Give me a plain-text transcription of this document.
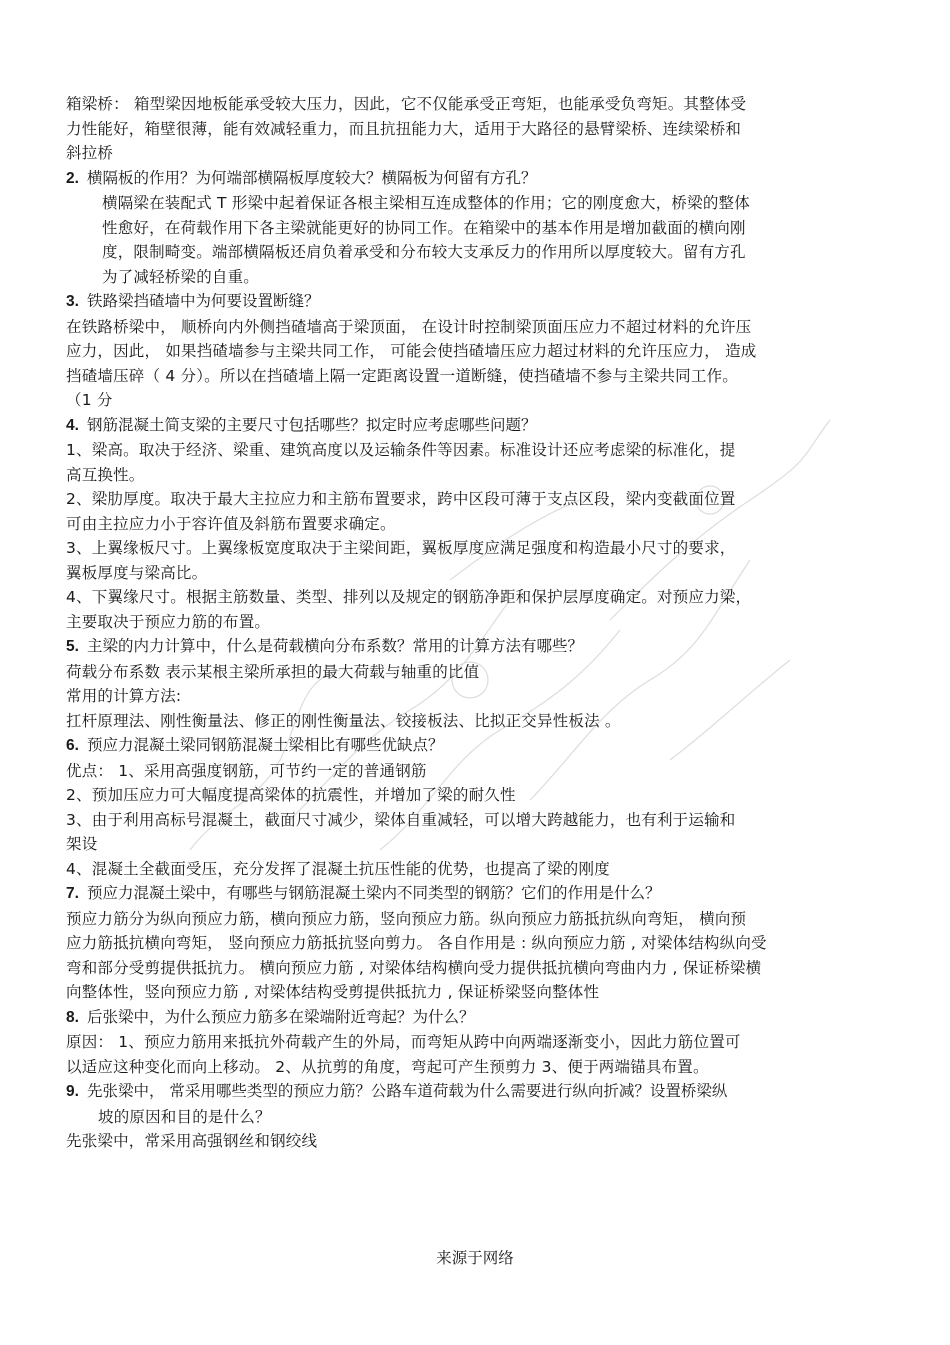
箱梁桥： 箱型梁因地板能承受较大压力，因此，它不仅能承受正弯矩，也能承受负弯矩。其整体受

力性能好，箱壁很薄，能有效减轻重力，而且抗扭能力大，适用于大路径的悬臂梁桥、连续梁桥和

斜拉桥

2. 横隔板的作用？为何端部横隔板厚度较大？横隔板为何留有方孔？

横隔梁在装配式 T 形梁中起着保证各根主梁相互连成整体的作用；它的刚度愈大，桥梁的整体

性愈好，在荷载作用下各主梁就能更好的协同工作。在箱梁中的基本作用是增加截面的横向刚

度，限制畸变。端部横隔板还肩负着承受和分布较大支承反力的作用所以厚度较大。留有方孔

为了减轻桥梁的自重。

3. 铁路梁挡碴墙中为何要设置断缝？

在铁路桥梁中， 顺桥向内外侧挡碴墙高于梁顶面， 在设计时控制梁顶面压应力不超过材料的允许压

应力，因此， 如果挡碴墙参与主梁共同工作， 可能会使挡碴墙压应力超过材料的允许压应力， 造成

挡碴墙压碎（ 4 分）。所以在挡碴墙上隔一定距离设置一道断缝，使挡碴墙不参与主梁共同工作。

（1 分

4. 钢筋混凝土简支梁的主要尺寸包括哪些？拟定时应考虑哪些问题？

1、梁高。取决于经济、梁重、建筑高度以及运输条件等因素。标准设计还应考虑梁的标准化，提

高互换性。

2、梁肋厚度。取决于最大主拉应力和主筋布置要求，跨中区段可薄于支点区段，梁内变截面位置

可由主拉应力小于容许值及斜筋布置要求确定。

3、上翼缘板尺寸。上翼缘板宽度取决于主梁间距，翼板厚度应满足强度和构造最小尺寸的要求，

翼板厚度与梁高比。

4、下翼缘尺寸。根据主筋数量、类型、排列以及规定的钢筋净距和保护层厚度确定。对预应力梁，

主要取决于预应力筋的布置。

5. 主梁的内力计算中，什么是荷载横向分布系数？常用的计算方法有哪些？

荷载分布系数 表示某根主梁所承担的最大荷载与轴重的比值

常用的计算方法:

扛杆原理法、刚性衡量法、修正的刚性衡量法、铰接板法、比拟正交异性板法 。

6. 预应力混凝土梁同钢筋混凝土梁相比有哪些优缺点？

优点： 1、采用高强度钢筋，可节约一定的普通钢筋

2、预加压应力可大幅度提高梁体的抗震性，并增加了梁的耐久性

3、由于利用高标号混凝土，截面尺寸减少，梁体自重减轻，可以增大跨越能力，也有利于运输和

架设

4、混凝土全截面受压，充分发挥了混凝土抗压性能的优势，也提高了梁的刚度

7. 预应力混凝土梁中，有哪些与钢筋混凝土梁内不同类型的钢筋？它们的作用是什么？

预应力筋分为纵向预应力筋，横向预应力筋，竖向预应力筋。纵向预应力筋抵抗纵向弯矩， 横向预

应力筋抵抗横向弯矩， 竖向预应力筋抵抗竖向剪力。 各自作用是 : 纵向预应力筋 , 对梁体结构纵向受

弯和部分受剪提供抵抗力。 横向预应力筋 , 对梁体结构横向受力提供抵抗横向弯曲内力 , 保证桥梁横

向整体性，竖向预应力筋 , 对梁体结构受剪提供抵抗力 , 保证桥梁竖向整体性

8. 后张梁中，为什么预应力筋多在梁端附近弯起？为什么？

原因： 1、预应力筋用来抵抗外荷载产生的外局，而弯矩从跨中向两端逐渐变小，因此力筋位置可

以适应这种变化而向上移动。 2、从抗剪的角度，弯起可产生预剪力 3、便于两端锚具布置。

9. 先张梁中， 常采用哪些类型的预应力筋？公路车道荷载为什么需要进行纵向折减？设置桥梁纵

坡的原因和目的是什么？

先张梁中，常采用高强钢丝和钢绞线

来源于网络
